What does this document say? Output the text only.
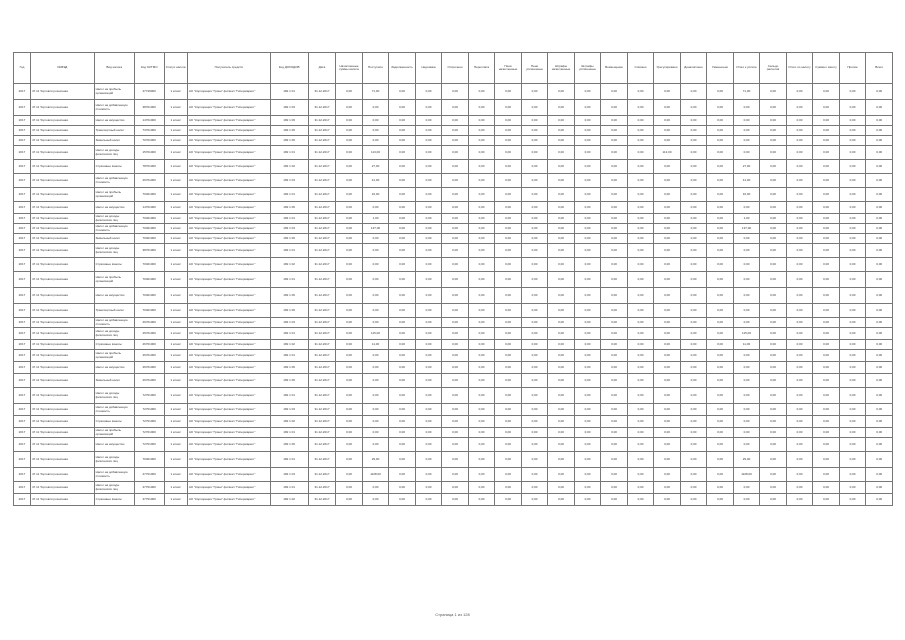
Год	ОКВЭД	Вид налога	Код ОКТМО	Статус налога	Получатель средств	Код ДОХОДОВ	Дата	Начисленные суммы налога	Поступило	Задолженность	Недоимка	Отсрочено	Переплата	Пени начисленные	Пени уплаченные	Штрафы начисленные	Штрафы уплаченные	Возмещение	Списано	Урегулировано	Доначислено	Уменьшено	Итого к уплате	Сальдо расчетов	Итого по налогу	Сумма к зачету	Прочие	Всего
2017	47.11 Торговля розничная	Налог на прибыль организаций	47729000	1 класс	АО "Корпорация "Гринн" филиал "Гипермаркет"	182 1 01	31.12.2017	0,00	71,00	0,00	0,00	0,00	0,00	0,00	0,00	0,00	0,00	0,00	0,00	0,00	0,00	0,00	71,00	0,00	0,00	0,00	0,00	0,00
2017	47.11 Торговля розничная	Налог на добавленную стоимость	38701000	1 класс	АО "Корпорация "Гринн" филиал "Гипермаркет"	182 1 03	31.12.2017	0,00	0,00	0,00	0,00	0,00	0,00	0,00	0,00	0,00	0,00	0,00	0,00	0,00	0,00	0,00	0,00	0,00	0,00	0,00	0,00	0,00
2017	47.11 Торговля розничная	Налог на имущество	14701000	1 класс	АО "Корпорация "Гринн" филиал "Гипермаркет"	182 1 06	31.12.2017	0,00	0,00	0,00	0,00	0,00	0,00	0,00	0,00	0,00	0,00	0,00	0,00	0,00	0,00	0,00	0,00	0,00	0,00	0,00	0,00	0,00
2017	47.11 Торговля розничная	Транспортный налог	73701000	1 класс	АО "Корпорация "Гринн" филиал "Гипермаркет"	182 1 06	31.12.2017	0,00	0,00	0,00	0,00	0,00	0,00	0,00	0,00	0,00	0,00	0,00	0,00	0,00	0,00	0,00	0,00	0,00	0,00	0,00	0,00	0,00
2017	47.11 Торговля розничная	Земельный налог	70701000	1 класс	АО "Корпорация "Гринн" филиал "Гипермаркет"	182 1 06	31.12.2017	0,00	0,00	0,00	0,00	0,00	0,00	0,00	0,00	0,00	0,00	0,00	0,00	0,00	0,00	0,00	0,00	0,00	0,00	0,00	0,00	0,00
2017	47.11 Торговля розничная	Налог на доходы физических лиц	15701000	1 класс	АО "Корпорация "Гринн" филиал "Гипермаркет"	182 1 01	31.12.2017	0,00	113,00	0,00	0,00	0,00	0,00	0,00	0,00	0,00	0,00	0,00	0,00	113,00	0,00	0,00	0,00	0,00	0,00	0,00	0,00	0,00
2017	47.11 Торговля розничная	Страховые взносы	78701000	1 класс	АО "Корпорация "Гринн" филиал "Гипермаркет"	182 1 02	31.12.2017	0,00	27,00	0,00	0,00	0,00	0,00	0,00	0,00	0,00	0,00	0,00	0,00	0,00	0,00	0,00	27,00	0,00	0,00	0,00	0,00	0,00
2017	47.11 Торговля розничная	Налог на добавленную стоимость	46701000	1 класс	АО "Корпорация "Гринн" филиал "Гипермаркет"	182 1 03	31.12.2017	0,00	41,00	0,00	0,00	0,00	0,00	0,00	0,00	0,00	0,00	0,00	0,00	0,00	0,00	0,00	41,00	0,00	0,00	0,00	0,00	0,00
2017	47.11 Торговля розничная	Налог на прибыль организаций	70401000	1 класс	АО "Корпорация "Гринн" филиал "Гипермаркет"	182 1 01	31.12.2017	0,00	16,00	0,00	0,00	0,00	0,00	0,00	0,00	0,00	0,00	0,00	0,00	0,00	0,00	0,00	16,00	0,00	0,00	0,00	0,00	0,00
2017	47.11 Торговля розничная	Налог на имущество	14701000	1 класс	АО "Корпорация "Гринн" филиал "Гипермаркет"	182 1 06	31.12.2017	0,00	0,00	0,00	0,00	0,00	0,00	0,00	0,00	0,00	0,00	0,00	0,00	0,00	0,00	0,00	0,00	0,00	0,00	0,00	0,00	0,00
2017	47.11 Торговля розничная	Налог на доходы физических лиц	70401000	1 класс	АО "Корпорация "Гринн" филиал "Гипермаркет"	182 1 01	31.12.2017	0,00	1,00	0,00	0,00	0,00	0,00	0,00	0,00	0,00	0,00	0,00	0,00	0,00	0,00	0,00	1,00	0,00	0,00	0,00	0,00	0,00
2017	47.11 Торговля розничная	Налог на добавленную стоимость	70401000	1 класс	АО "Корпорация "Гринн" филиал "Гипермаркет"	182 1 03	31.12.2017	0,00	137,00	0,00	0,00	0,00	0,00	0,00	0,00	0,00	0,00	0,00	0,00	0,00	0,00	0,00	137,00	0,00	0,00	0,00	0,00	0,00
2017	47.11 Торговля розничная	Земельный налог	70401000	1 класс	АО "Корпорация "Гринн" филиал "Гипермаркет"	182 1 06	31.12.2017	0,00	0,00	0,00	0,00	0,00	0,00	0,00	0,00	0,00	0,00	0,00	0,00	0,00	0,00	0,00	0,00	0,00	0,00	0,00	0,00	0,00
2017	47.11 Торговля розничная	Налог на доходы физических лиц	38701000	1 класс	АО "Корпорация "Гринн" филиал "Гипермаркет"	182 1 01	31.12.2017	0,00	0,00	0,00	0,00	0,00	0,00	0,00	0,00	0,00	0,00	0,00	0,00	0,00	0,00	0,00	0,00	0,00	0,00	0,00	0,00	0,00
2017	47.11 Торговля розничная	Страховые взносы	70401000	1 класс	АО "Корпорация "Гринн" филиал "Гипермаркет"	182 1 02	31.12.2017	0,00	0,00	0,00	0,00	0,00	0,00	0,00	0,00	0,00	0,00	0,00	0,00	0,00	0,00	0,00	0,00	0,00	0,00	0,00	0,00	0,00
2017	47.11 Торговля розничная	Налог на прибыль организаций	70401000	1 класс	АО "Корпорация "Гринн" филиал "Гипермаркет"	182 1 01	31.12.2017	0,00	0,00	0,00	0,00	0,00	0,00	0,00	0,00	0,00	0,00	0,00	0,00	0,00	0,00	0,00	0,00	0,00	0,00	0,00	0,00	0,00
2017	47.11 Торговля розничная	Налог на имущество	70401000	1 класс	АО "Корпорация "Гринн" филиал "Гипермаркет"	182 1 06	31.12.2017	0,00	0,00	0,00	0,00	0,00	0,00	0,00	0,00	0,00	0,00	0,00	0,00	0,00	0,00	0,00	0,00	0,00	0,00	0,00	0,00	0,00
2017	47.11 Торговля розничная	Транспортный налог	70401000	1 класс	АО "Корпорация "Гринн" филиал "Гипермаркет"	182 1 06	31.12.2017	0,00	0,00	0,00	0,00	0,00	0,00	0,00	0,00	0,00	0,00	0,00	0,00	0,00	0,00	0,00	0,00	0,00	0,00	0,00	0,00	0,00
2017	47.11 Торговля розничная	Налог на добавленную стоимость	46701000	1 класс	АО "Корпорация "Гринн" филиал "Гипермаркет"	182 1 03	31.12.2017	0,00	0,00	0,00	0,00	0,00	0,00	0,00	0,00	0,00	0,00	0,00	0,00	0,00	0,00	0,00	0,00	0,00	0,00	0,00	0,00	0,00
2017	47.11 Торговля розничная	Налог на доходы физических лиц	46701000	1 класс	АО "Корпорация "Гринн" филиал "Гипермаркет"	182 1 01	31.12.2017	0,00	115,00	0,00	0,00	0,00	0,00	0,00	0,00	0,00	0,00	0,00	0,00	0,00	0,00	0,00	115,00	0,00	0,00	0,00	0,00	0,00
2017	47.11 Торговля розничная	Страховые взносы	46701000	1 класс	АО "Корпорация "Гринн" филиал "Гипермаркет"	182 1 02	31.12.2017	0,00	11,00	0,00	0,00	0,00	0,00	0,00	0,00	0,00	0,00	0,00	0,00	0,00	0,00	0,00	11,00	0,00	0,00	0,00	0,00	0,00
2017	47.11 Торговля розничная	Налог на прибыль организаций	46701000	1 класс	АО "Корпорация "Гринн" филиал "Гипермаркет"	182 1 01	31.12.2017	0,00	0,00	0,00	0,00	0,00	0,00	0,00	0,00	0,00	0,00	0,00	0,00	0,00	0,00	0,00	0,00	0,00	0,00	0,00	0,00	0,00
2017	47.11 Торговля розничная	Налог на имущество	46701000	1 класс	АО "Корпорация "Гринн" филиал "Гипермаркет"	182 1 06	31.12.2017	0,00	0,00	0,00	0,00	0,00	0,00	0,00	0,00	0,00	0,00	0,00	0,00	0,00	0,00	0,00	0,00	0,00	0,00	0,00	0,00	0,00
2017	47.11 Торговля розничная	Земельный налог	46701000	1 класс	АО "Корпорация "Гринн" филиал "Гипермаркет"	182 1 06	31.12.2017	0,00	0,00	0,00	0,00	0,00	0,00	0,00	0,00	0,00	0,00	0,00	0,00	0,00	0,00	0,00	0,00	0,00	0,00	0,00	0,00	0,00
2017	47.11 Торговля розничная	Налог на доходы физических лиц	72701000	1 класс	АО "Корпорация "Гринн" филиал "Гипермаркет"	182 1 01	31.12.2017	0,00	0,00	0,00	0,00	0,00	0,00	0,00	0,00	0,00	0,00	0,00	0,00	0,00	0,00	0,00	0,00	0,00	0,00	0,00	0,00	0,00
2017	47.11 Торговля розничная	Налог на добавленную стоимость	72701000	1 класс	АО "Корпорация "Гринн" филиал "Гипермаркет"	182 1 03	31.12.2017	0,00	0,00	0,00	0,00	0,00	0,00	0,00	0,00	0,00	0,00	0,00	0,00	0,00	0,00	0,00	0,00	0,00	0,00	0,00	0,00	0,00
2017	47.11 Торговля розничная	Страховые взносы	72701000	1 класс	АО "Корпорация "Гринн" филиал "Гипермаркет"	182 1 02	31.12.2017	0,00	0,00	0,00	0,00	0,00	0,00	0,00	0,00	0,00	0,00	0,00	0,00	0,00	0,00	0,00	0,00	0,00	0,00	0,00	0,00	0,00
2017	47.11 Торговля розничная	Налог на прибыль организаций	72701000	1 класс	АО "Корпорация "Гринн" филиал "Гипермаркет"	182 1 01	31.12.2017	0,00	0,00	0,00	0,00	0,00	0,00	0,00	0,00	0,00	0,00	0,00	0,00	0,00	0,00	0,00	0,00	0,00	0,00	0,00	0,00	0,00
2017	47.11 Торговля розничная	Налог на имущество	72701000	1 класс	АО "Корпорация "Гринн" филиал "Гипермаркет"	182 1 06	31.12.2017	0,00	0,00	0,00	0,00	0,00	0,00	0,00	0,00	0,00	0,00	0,00	0,00	0,00	0,00	0,00	0,00	0,00	0,00	0,00	0,00	0,00
2017	47.11 Торговля розничная	Налог на доходы физических лиц	70401000	1 класс	АО "Корпорация "Гринн" филиал "Гипермаркет"	182 1 01	31.12.2017	0,00	29,00	0,00	0,00	0,00	0,00	0,00	0,00	0,00	0,00	0,00	0,00	0,00	0,00	0,00	29,00	0,00	0,00	0,00	0,00	0,00
2017	47.11 Торговля розничная	Налог на добавленную стоимость	47701000	1 класс	АО "Корпорация "Гринн" филиал "Гипермаркет"	182 1 03	31.12.2017	0,00	1108,00	0,00	0,00	0,00	0,00	0,00	0,00	0,00	0,00	0,00	0,00	0,00	0,00	0,00	1108,00	0,00	0,00	0,00	0,00	0,00
2017	47.11 Торговля розничная	Налог на доходы физических лиц	47701000	1 класс	АО "Корпорация "Гринн" филиал "Гипермаркет"	182 1 01	31.12.2017	0,00	0,00	0,00	0,00	0,00	0,00	0,00	0,00	0,00	0,00	0,00	0,00	0,00	0,00	0,00	0,00	0,00	0,00	0,00	0,00	0,00
2017	47.11 Торговля розничная	Страховые взносы	47701000	1 класс	АО "Корпорация "Гринн" филиал "Гипермаркет"	182 1 02	31.12.2017	0,00	0,00	0,00	0,00	0,00	0,00	0,00	0,00	0,00	0,00	0,00	0,00	0,00	0,00	0,00	0,00	0,00	0,00	0,00	0,00	0,00
Страница 1 из 128
